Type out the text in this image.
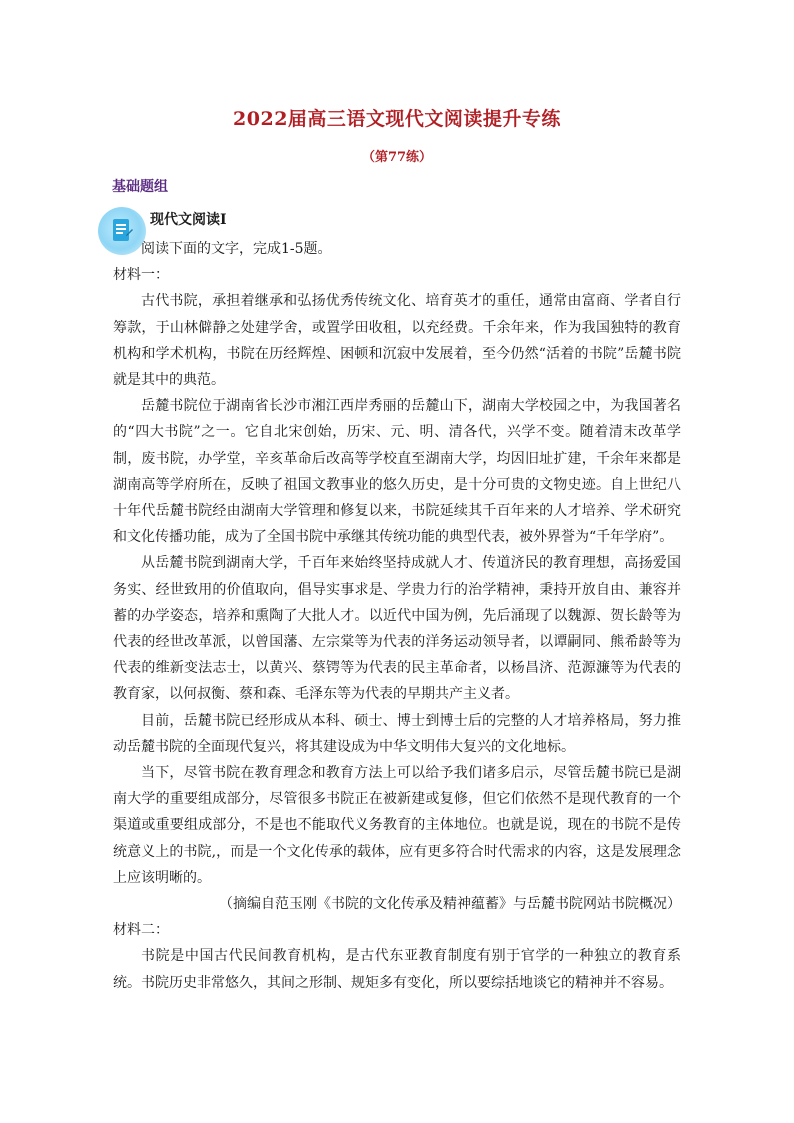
2022届高三语文现代文阅读提升专练
（第77练）
基础题组
现代文阅读Ⅰ

阅读下面的文字，完成1-5题。

材料一：

古代书院，承担着继承和弘扬优秀传统文化、培育英才的重任，通常由富商、学者自行筹款，于山林僻静之处建学舍，或置学田收租，以充经费。千余年来，作为我国独特的教育机构和学术机构，书院在历经辉煌、困顿和沉寂中发展着，至今仍然“活着的书院”岳麓书院就是其中的典范。

岳麓书院位于湖南省长沙市湘江西岸秀丽的岳麓山下，湖南大学校园之中，为我国著名的“四大书院”之一。它自北宋创始，历宋、元、明、清各代，兴学不变。随着清末改革学制，废书院，办学堂，辛亥革命后改高等学校直至湖南大学，均因旧址扩建，千余年来都是湖南高等学府所在，反映了祖国文教事业的悠久历史，是十分可贵的文物史迹。自上世纪八十年代岳麓书院经由湖南大学管理和修复以来，书院延续其千百年来的人才培养、学术研究和文化传播功能，成为了全国书院中承继其传统功能的典型代表，被外界誉为“千年学府”。

从岳麓书院到湖南大学，千百年来始终坚持成就人才、传道济民的教育理想，高扬爱国务实、经世致用的价值取向，倡导实事求是、学贵力行的治学精神，秉持开放自由、兼容并蓄的办学姿态，培养和熏陶了大批人才。以近代中国为例，先后涌现了以魏源、贺长龄等为代表的经世改革派，以曾国藩、左宗棠等为代表的洋务运动领导者，以谭嗣同、熊希龄等为代表的维新变法志士，以黄兴、蔡锷等为代表的民主革命者，以杨昌济、范源濂等为代表的教育家，以何叔衡、蔡和森、毛泽东等为代表的早期共产主义者。

目前，岳麓书院已经形成从本科、硕士、博士到博士后的完整的人才培养格局，努力推动岳麓书院的全面现代复兴，将其建设成为中华文明伟大复兴的文化地标。

当下，尽管书院在教育理念和教育方法上可以给予我们诸多启示，尽管岳麓书院已是湖南大学的重要组成部分，尽管很多书院正在被新建或复修，但它们依然不是现代教育的一个渠道或重要组成部分，不是也不能取代义务教育的主体地位。也就是说，现在的书院不是传统意义上的书院,，而是一个文化传承的载体，应有更多符合时代需求的内容，这是发展理念上应该明晰的。

（摘编自范玉刚《书院的文化传承及精神蕴蓄》与岳麓书院网站书院概况）

材料二：

书院是中国古代民间教育机构，是古代东亚教育制度有别于官学的一种独立的教育系统。书院历史非常悠久，其间之形制、规矩多有变化，所以要综括地谈它的精神并不容易。
